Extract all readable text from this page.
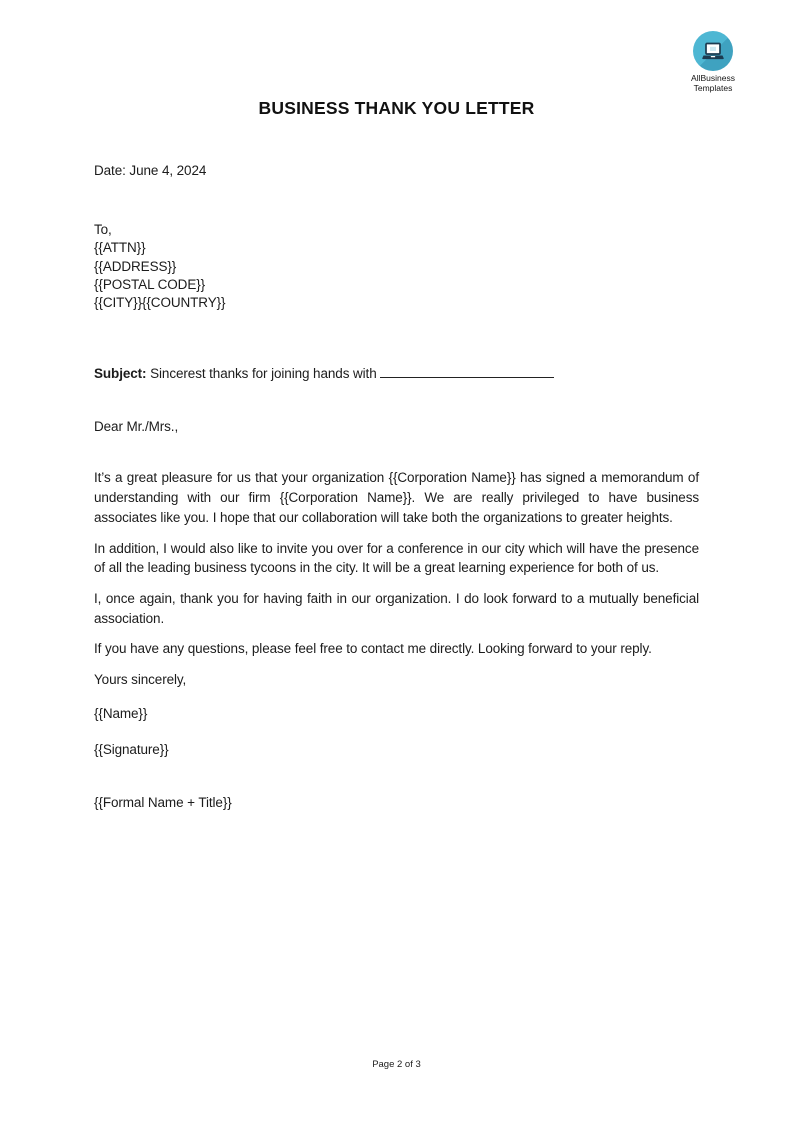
AllBusiness
Templates
BUSINESS THANK YOU LETTER

Date: June 4, 2024

To,
{{ATTN}}
{{ADDRESS}}
{{POSTAL CODE}}
{{CITY}}{{COUNTRY}}

Subject: Sincerest thanks for joining hands with

Dear Mr./Mrs.,

It’s a great pleasure for us that your organization {{Corporation Name}} has signed a memorandum of understanding with our firm {{Corporation Name}}. We are really privileged to have business associates like you. I hope that our collaboration will take both the organizations to greater heights.

In addition, I would also like to invite you over for a conference in our city which will have the presence of all the leading business tycoons in the city. It will be a great learning experience for both of us.

I, once again, thank you for having faith in our organization. I do look forward to a mutually beneficial association.

If you have any questions, please feel free to contact me directly. Looking forward to your reply.

Yours sincerely,

{{Name}}

{{Signature}}

{{Formal Name + Title}}

Page 2 of 3
